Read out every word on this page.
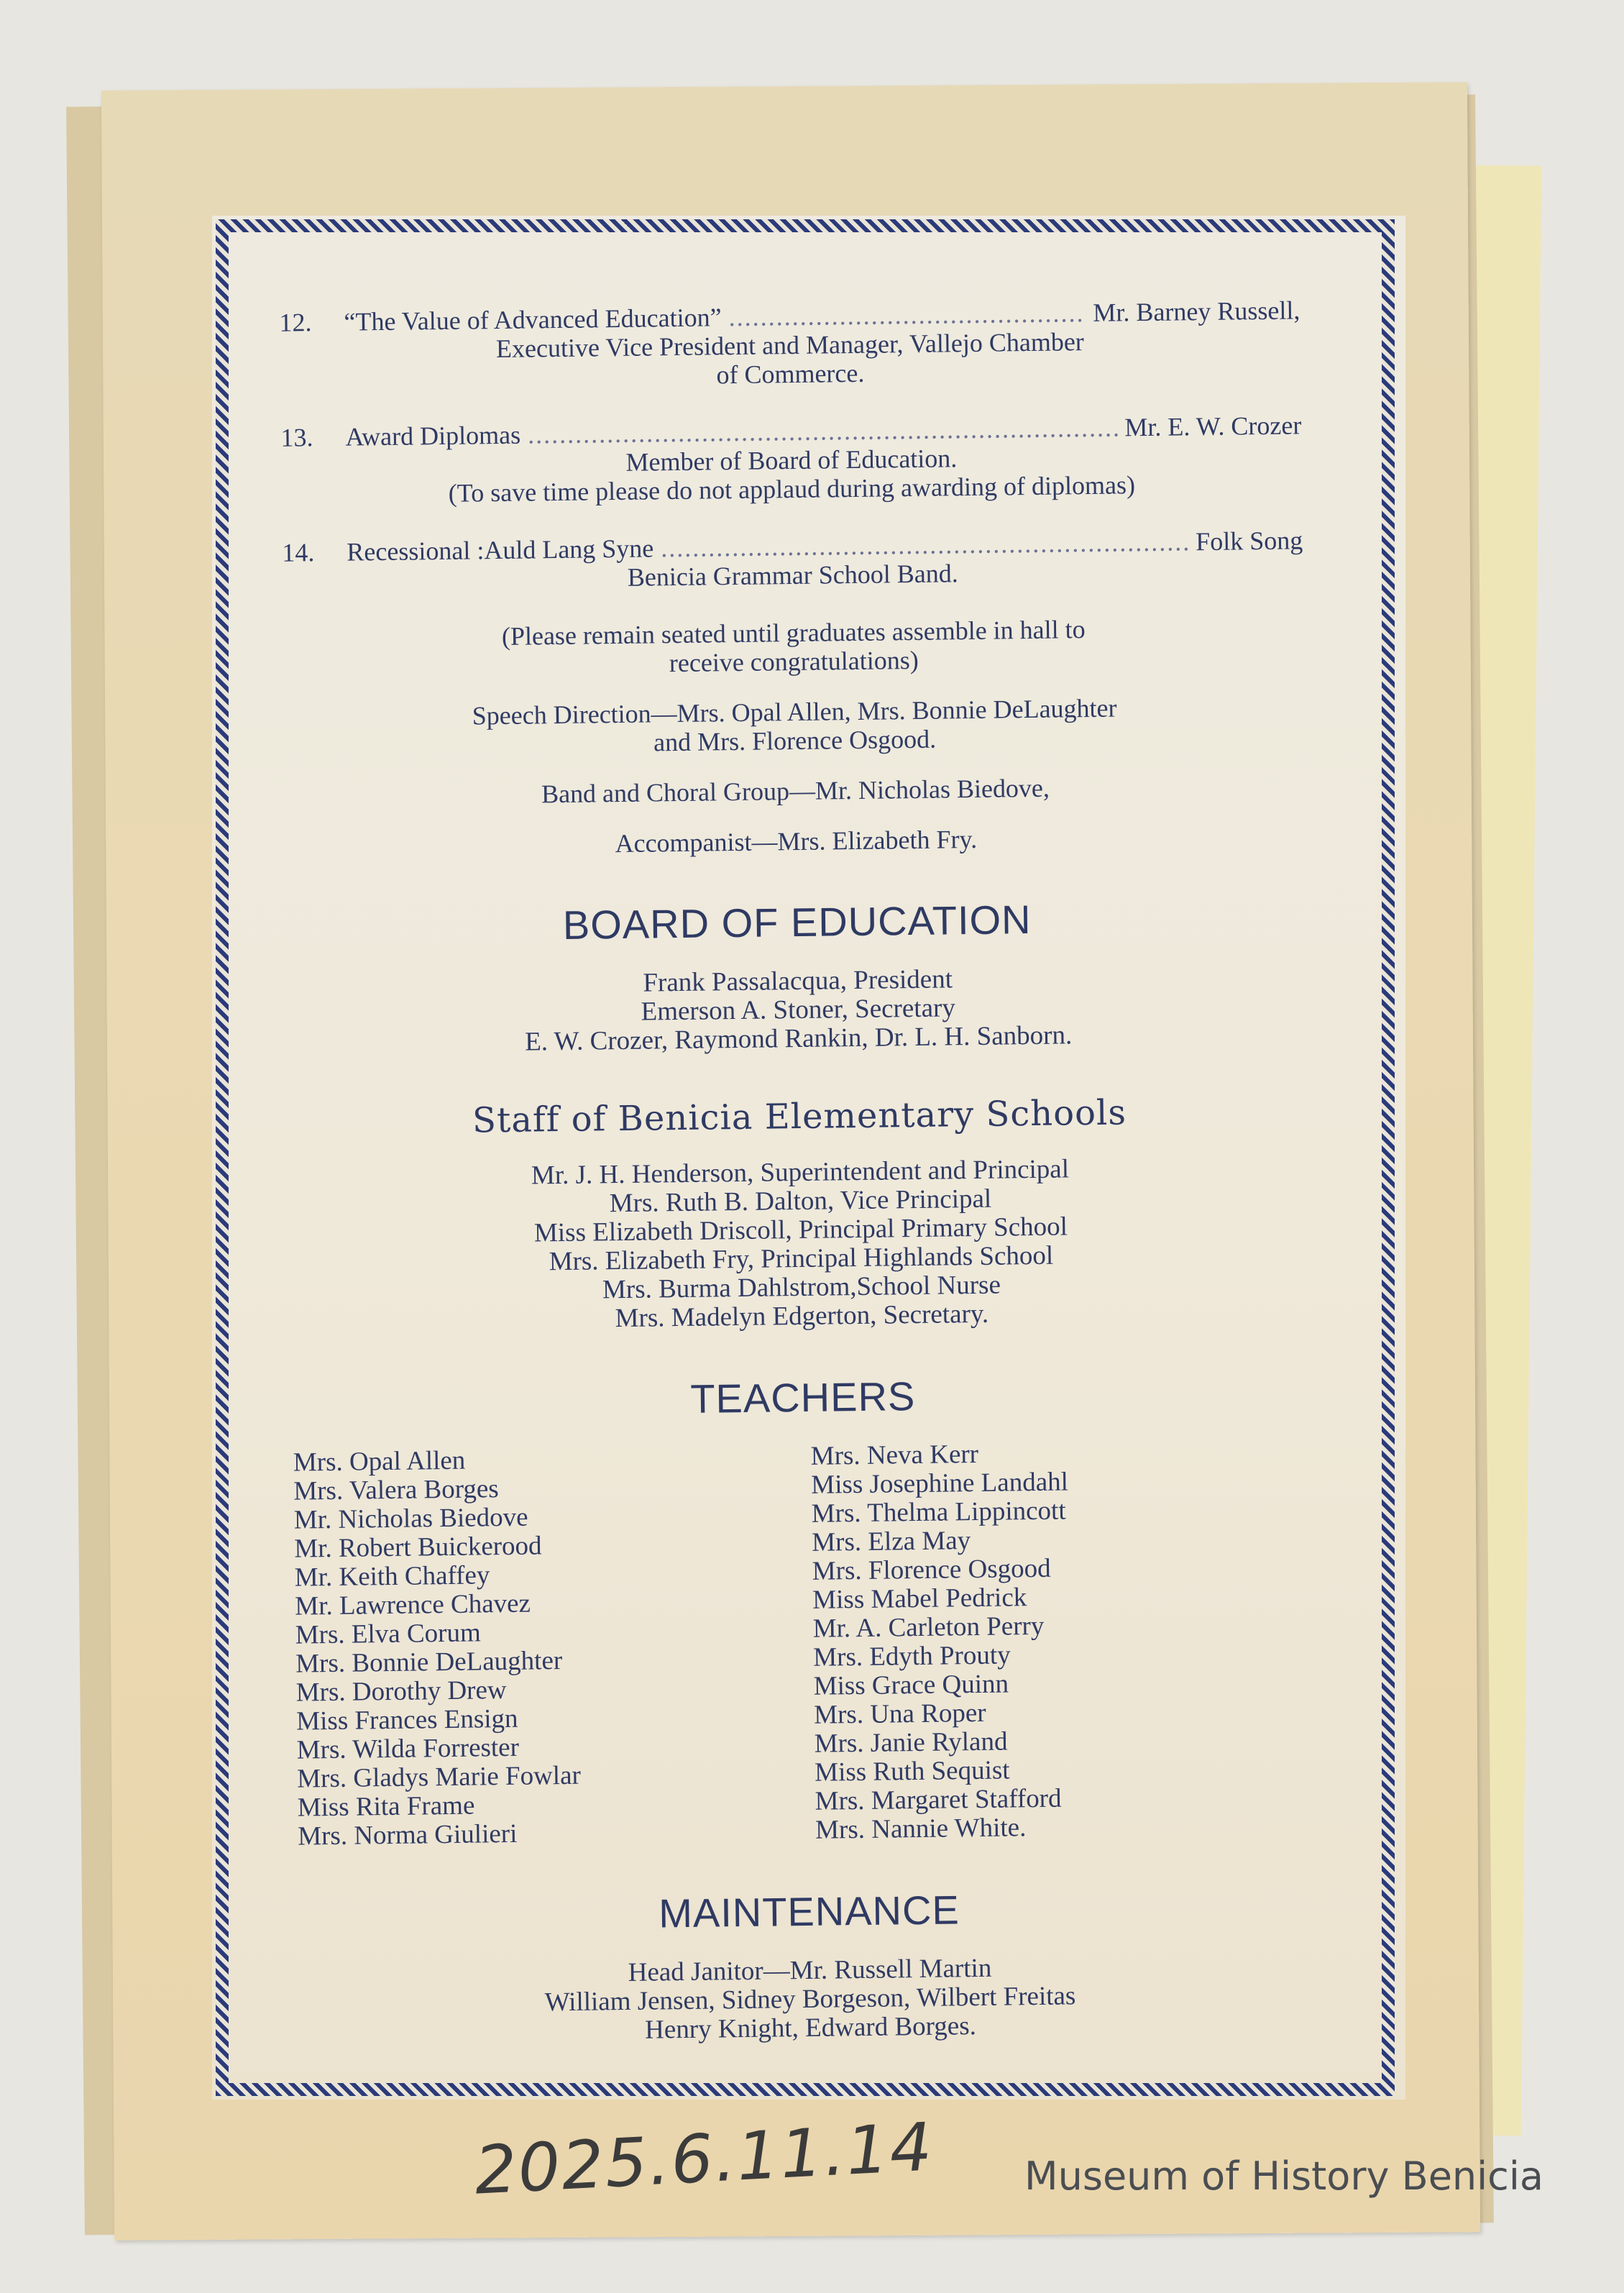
12.	“The Value of Advanced Education” .....	Mr. Barney Russell,
Executive Vice President and Manager, Vallejo Chamber
of Commerce.
13.	Award Diplomas .....	Mr. E. W. Crozer
Member of Board of Education.
(To save time please do not applaud during awarding of diplomas)
14.	Recessional :Auld Lang Syne .....	Folk Song
Benicia Grammar School Band.
(Please remain seated until graduates assemble in hall to
receive congratulations)
Speech Direction—Mrs. Opal Allen, Mrs. Bonnie DeLaughter
and Mrs. Florence Osgood.
Band and Choral Group—Mr. Nicholas Biedove,
Accompanist—Mrs. Elizabeth Fry.
BOARD OF EDUCATION
Frank Passalacqua, President
Emerson A. Stoner, Secretary
E. W. Crozer, Raymond Rankin, Dr. L. H. Sanborn.
Staff of Benicia Elementary Schools
Mr. J. H. Henderson, Superintendent and Principal
Mrs. Ruth B. Dalton, Vice Principal
Miss Elizabeth Driscoll, Principal Primary School
Mrs. Elizabeth Fry, Principal Highlands School
Mrs. Burma Dahlstrom,School Nurse
Mrs. Madelyn Edgerton, Secretary.
TEACHERS
Mrs. Opal Allen
Mrs. Valera Borges
Mr. Nicholas Biedove
Mr. Robert Buickerood
Mr. Keith Chaffey
Mr. Lawrence Chavez
Mrs. Elva Corum
Mrs. Bonnie DeLaughter
Mrs. Dorothy Drew
Miss Frances Ensign
Mrs. Wilda Forrester
Mrs. Gladys Marie Fowlar
Miss Rita Frame
Mrs. Norma Giulieri
Mrs. Neva Kerr
Miss Josephine Landahl
Mrs. Thelma Lippincott
Mrs. Elza May
Mrs. Florence Osgood
Miss Mabel Pedrick
Mr. A. Carleton Perry
Mrs. Edyth Prouty
Miss Grace Quinn
Mrs. Una Roper
Mrs. Janie Ryland
Miss Ruth Sequist
Mrs. Margaret Stafford
Mrs. Nannie White.
MAINTENANCE
Head Janitor—Mr. Russell Martin
William Jensen, Sidney Borgeson, Wilbert Freitas
Henry Knight, Edward Borges.
2025.6.11.14 Museum of History Benicia
